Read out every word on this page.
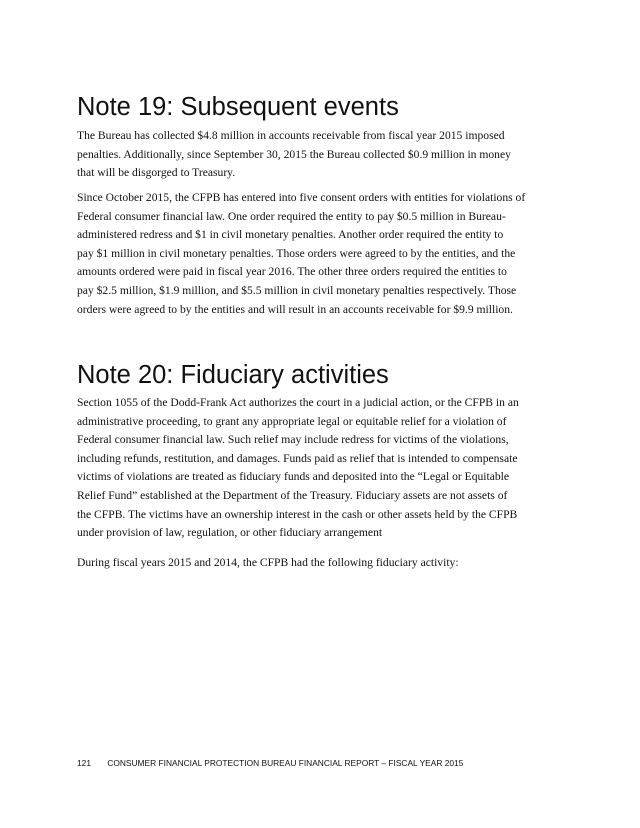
Note 19: Subsequent events
The Bureau has collected $4.8 million in accounts receivable from fiscal year 2015 imposed
penalties. Additionally, since September 30, 2015 the Bureau collected $0.9 million in money
that will be disgorged to Treasury.
Since October 2015, the CFPB has entered into five consent orders with entities for violations of
Federal consumer financial law. One order required the entity to pay $0.5 million in Bureau-
administered redress and $1 in civil monetary penalties. Another order required the entity to
pay $1 million in civil monetary penalties. Those orders were agreed to by the entities, and the
amounts ordered were paid in fiscal year 2016. The other three orders required the entities to
pay $2.5 million, $1.9 million, and $5.5 million in civil monetary penalties respectively. Those
orders were agreed to by the entities and will result in an accounts receivable for $9.9 million.
Note 20: Fiduciary activities
Section 1055 of the Dodd-Frank Act authorizes the court in a judicial action, or the CFPB in an
administrative proceeding, to grant any appropriate legal or equitable relief for a violation of
Federal consumer financial law. Such relief may include redress for victims of the violations,
including refunds, restitution, and damages. Funds paid as relief that is intended to compensate
victims of violations are treated as fiduciary funds and deposited into the “Legal or Equitable
Relief Fund” established at the Department of the Treasury. Fiduciary assets are not assets of
the CFPB. The victims have an ownership interest in the cash or other assets held by the CFPB
under provision of law, regulation, or other fiduciary arrangement
During fiscal years 2015 and 2014, the CFPB had the following fiduciary activity:
121 CONSUMER FINANCIAL PROTECTION BUREAU FINANCIAL REPORT – FISCAL YEAR 2015
